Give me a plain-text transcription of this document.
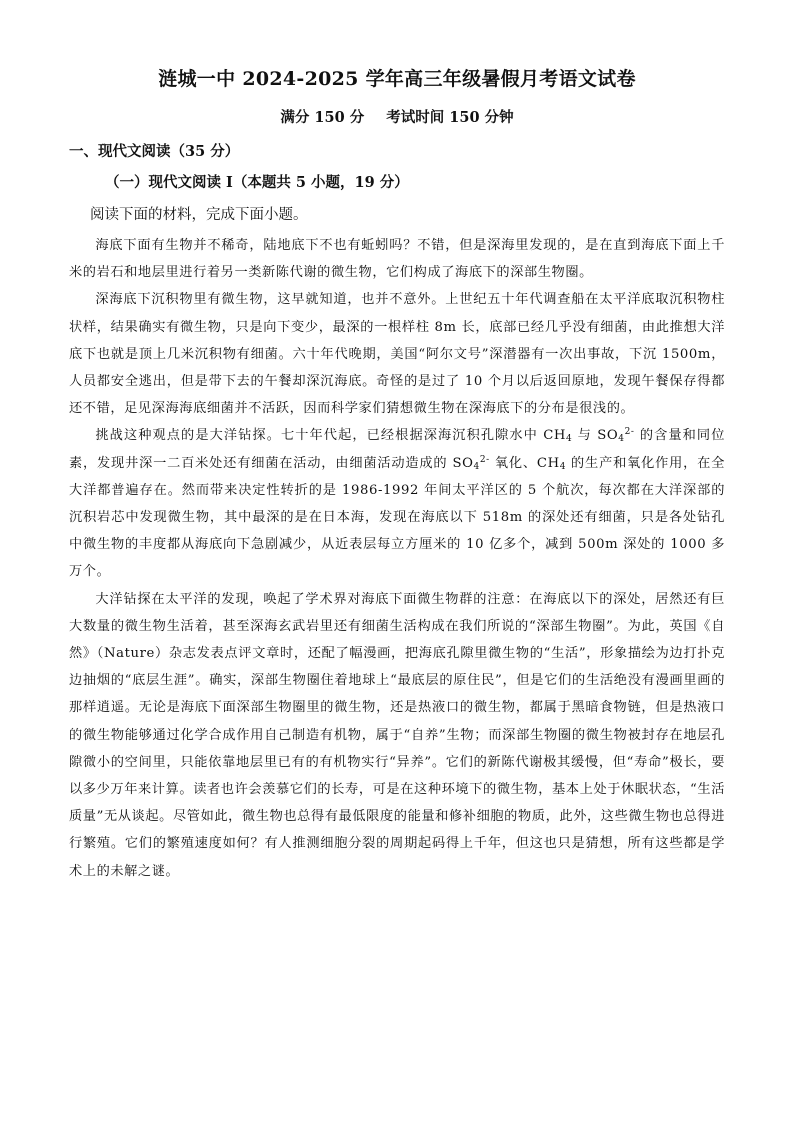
涟城一中 2024-2025 学年高三年级暑假月考语文试卷
满分 150 分 考试时间 150 分钟
一、现代文阅读（35 分）
（一）现代文阅读 I（本题共 5 小题，19 分）
阅读下面的材料，完成下面小题。

海底下面有生物并不稀奇，陆地底下不也有蚯蚓吗？不错，但是深海里发现的，是在直到海底下面上千米的岩石和地层里进行着另一类新陈代谢的微生物，它们构成了海底下的深部生物圈。

深海底下沉积物里有微生物，这早就知道，也并不意外。上世纪五十年代调查船在太平洋底取沉积物柱状样，结果确实有微生物，只是向下变少，最深的一根样柱 8m 长，底部已经几乎没有细菌，由此推想大洋底下也就是顶上几米沉积物有细菌。六十年代晚期，美国“阿尔文号”深潜器有一次出事故，下沉 1500m，人员都安全逃出，但是带下去的午餐却深沉海底。奇怪的是过了 10 个月以后返回原地，发现午餐保存得都还不错，足见深海海底细菌并不活跃，因而科学家们猜想微生物在深海底下的分布是很浅的。

挑战这种观点的是大洋钻探。七十年代起，已经根据深海沉积孔隙水中 $CH_4$ 与 $SO_4^{2-}$ 的含量和同位素，发现井深一二百米处还有细菌在活动，由细菌活动造成的 $SO_4^{2-}$ 氧化、$CH_4$ 的生产和氧化作用，在全大洋都普遍存在。然而带来决定性转折的是 1986-1992 年间太平洋区的 5 个航次，每次都在大洋深部的沉积岩芯中发现微生物，其中最深的是在日本海，发现在海底以下 518m 的深处还有细菌，只是各处钻孔中微生物的丰度都从海底向下急剧减少，从近表层每立方厘米的 10 亿多个，减到 500m 深处的 1000 多万个。

大洋钻探在太平洋的发现，唤起了学术界对海底下面微生物群的注意：在海底以下的深处，居然还有巨大数量的微生物生活着，甚至深海玄武岩里还有细菌生活构成在我们所说的“深部生物圈”。为此，英国《自然》（Nature）杂志发表点评文章时，还配了幅漫画，把海底孔隙里微生物的“生活”，形象描绘为边打扑克边抽烟的“底层生涯”。确实，深部生物圈住着地球上“最底层的原住民”，但是它们的生活绝没有漫画里画的那样逍遥。无论是海底下面深部生物圈里的微生物，还是热液口的微生物，都属于黑暗食物链，但是热液口的微生物能够通过化学合成作用自己制造有机物，属于“自养”生物；而深部生物圈的微生物被封存在地层孔隙微小的空间里，只能依靠地层里已有的有机物实行“异养”。它们的新陈代谢极其缓慢，但“寿命”极长，要以多少万年来计算。读者也许会羡慕它们的长寿，可是在这种环境下的微生物，基本上处于休眠状态，“生活质量”无从谈起。尽管如此，微生物也总得有最低限度的能量和修补细胞的物质，此外，这些微生物也总得进行繁殖。它们的繁殖速度如何？有人推测细胞分裂的周期起码得上千年，但这也只是猜想，所有这些都是学术上的未解之谜。
